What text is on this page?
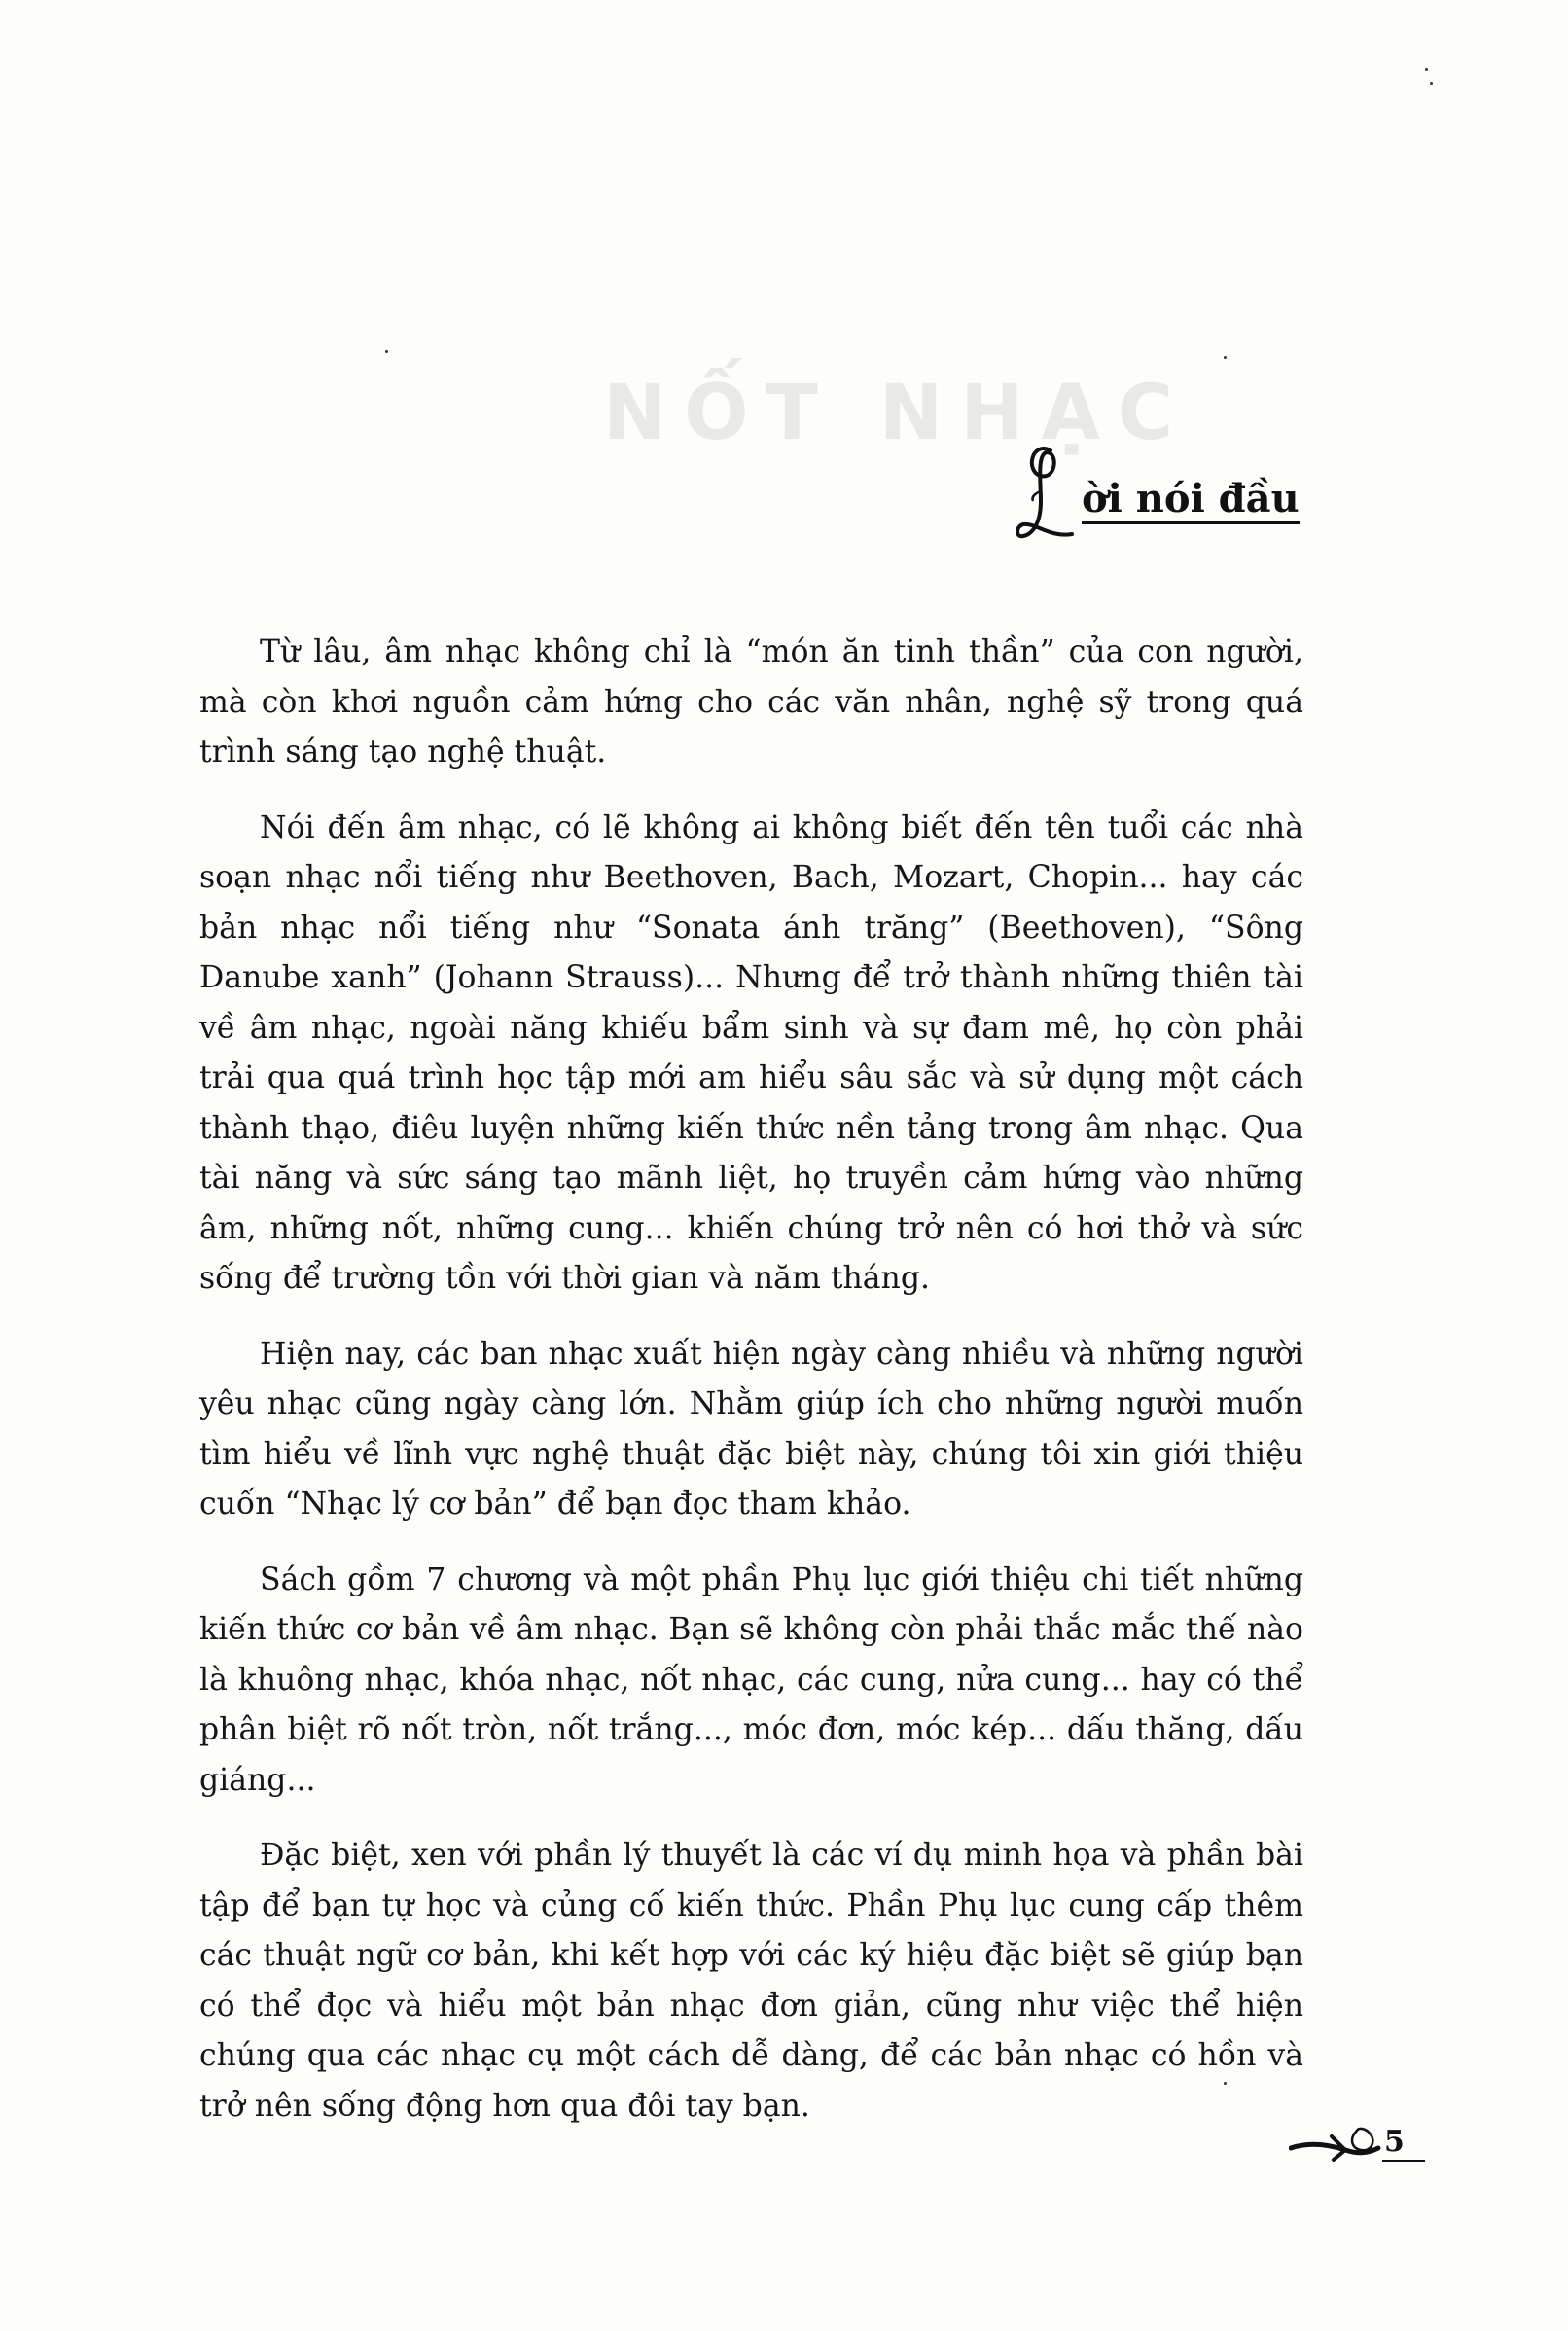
NỐT NHẠC
ời nói đầu

Từ lâu, âm nhạc không chỉ là “món ăn tinh thần” của con người, mà còn khơi nguồn cảm hứng cho các văn nhân, nghệ sỹ trong quá trình sáng tạo nghệ thuật.

Nói đến âm nhạc, có lẽ không ai không biết đến tên tuổi các nhà soạn nhạc nổi tiếng như Beethoven, Bach, Mozart, Chopin... hay các bản nhạc nổi tiếng như “Sonata ánh trăng” (Beethoven), “Sông Danube xanh” (Johann Strauss)... Nhưng để trở thành những thiên tài về âm nhạc, ngoài năng khiếu bẩm sinh và sự đam mê, họ còn phải trải qua quá trình học tập mới am hiểu sâu sắc và sử dụng một cách thành thạo, điêu luyện những kiến thức nền tảng trong âm nhạc. Qua tài năng và sức sáng tạo mãnh liệt, họ truyền cảm hứng vào những âm, những nốt, những cung... khiến chúng trở nên có hơi thở và sức sống để trường tồn với thời gian và năm tháng.

Hiện nay, các ban nhạc xuất hiện ngày càng nhiều và những người yêu nhạc cũng ngày càng lớn. Nhằm giúp ích cho những người muốn tìm hiểu về lĩnh vực nghệ thuật đặc biệt này, chúng tôi xin giới thiệu cuốn “Nhạc lý cơ bản” để bạn đọc tham khảo.

Sách gồm 7 chương và một phần Phụ lục giới thiệu chi tiết những kiến thức cơ bản về âm nhạc. Bạn sẽ không còn phải thắc mắc thế nào là khuông nhạc, khóa nhạc, nốt nhạc, các cung, nửa cung... hay có thể phân biệt rõ nốt tròn, nốt trắng..., móc đơn, móc kép... dấu thăng, dấu giáng...

Đặc biệt, xen với phần lý thuyết là các ví dụ minh họa và phần bài tập để bạn tự học và củng cố kiến thức. Phần Phụ lục cung cấp thêm các thuật ngữ cơ bản, khi kết hợp với các ký hiệu đặc biệt sẽ giúp bạn có thể đọc và hiểu một bản nhạc đơn giản, cũng như việc thể hiện chúng qua các nhạc cụ một cách dễ dàng, để các bản nhạc có hồn và trở nên sống động hơn qua đôi tay bạn.

5
